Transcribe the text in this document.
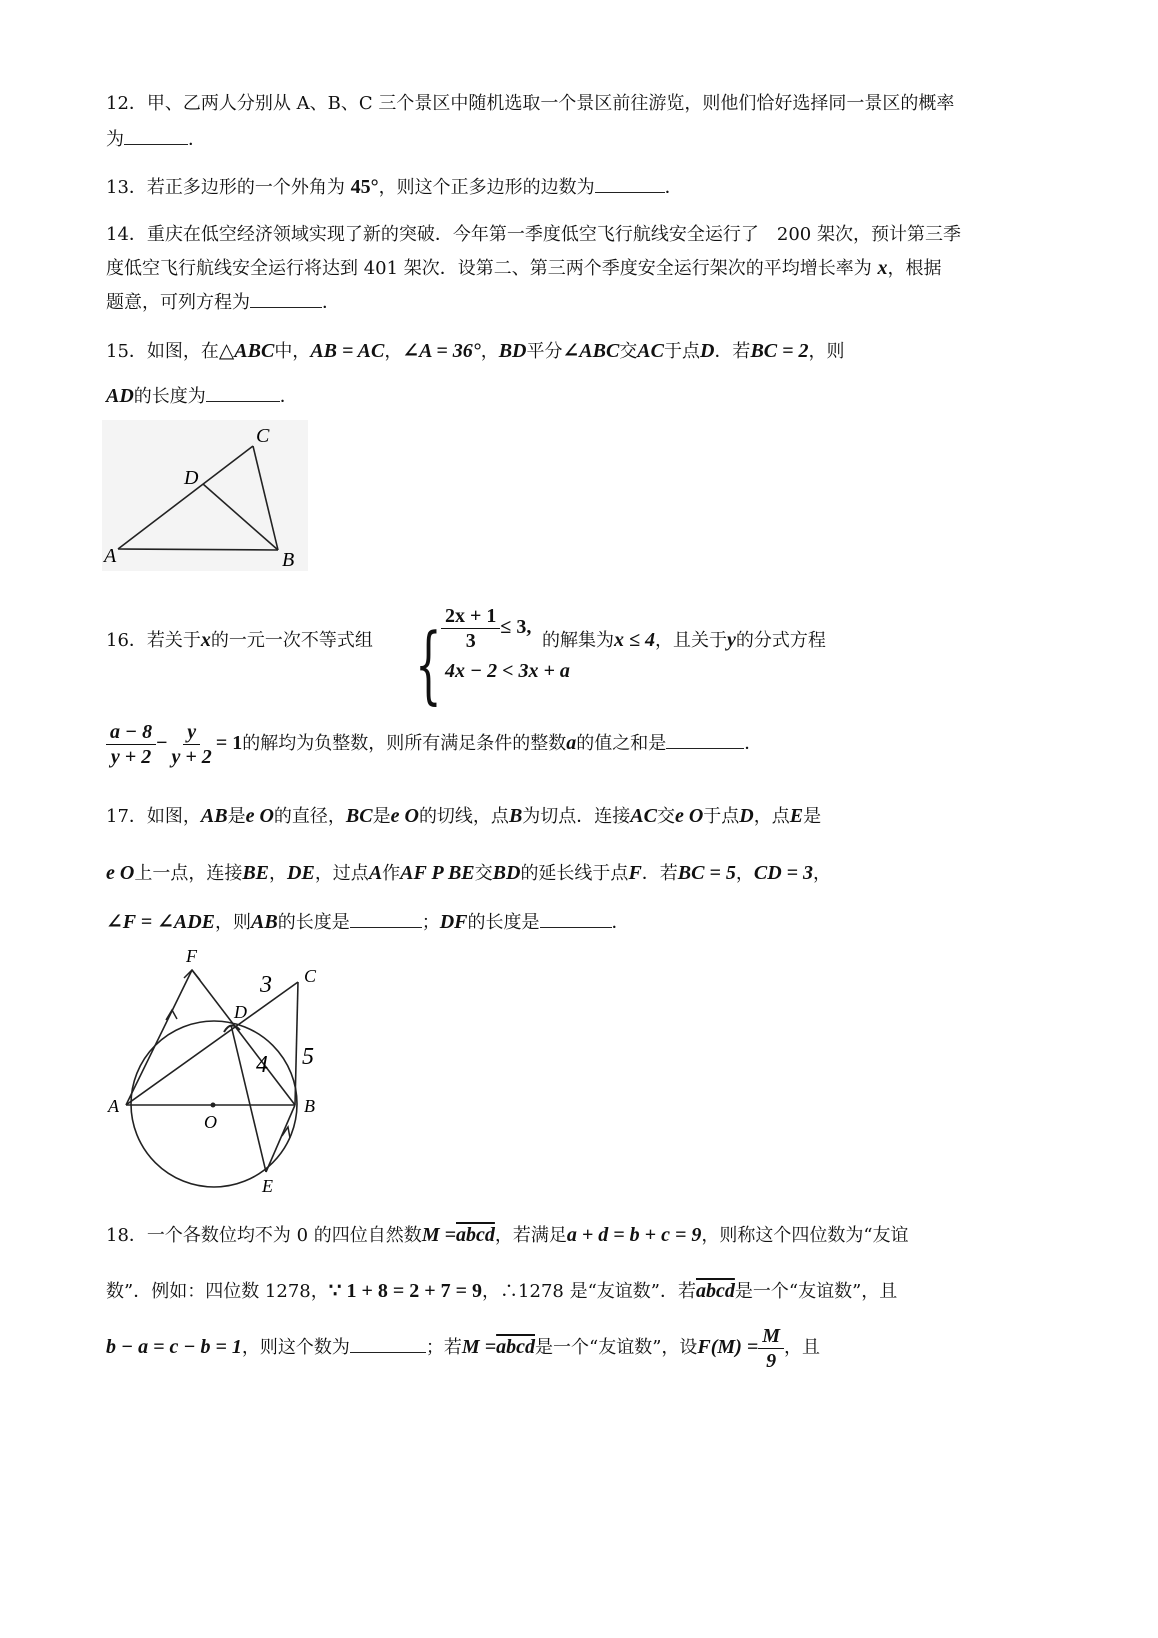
12．甲、乙两人分别从 A、B、C 三个景区中随机选取一个景区前往游览，则他们恰好选择同一景区的概率
为	．
13．若正多边形的一个外角为 45°，则这个正多边形的边数为	．
14．重庆在低空经济领域实现了新的突破．今年第一季度低空飞行航线安全运行了　200 架次，预计第三季
度低空飞行航线安全运行将达到 401 架次．设第二、第三两个季度安全运行架次的平均增长率为 x，根据
题意，可列方程为	．
15．如图，在△ABC中，AB = AC，∠A = 36°，BD平分∠ABC交AC于点D．若BC = 2，则
AD的长度为	．
C
D
A	B
16．若关于x的一元一次不等式组 { $\frac{2x + 1}{3} \le 3$,
4x − 2 < 3x + a
的解集为x ≤ 4，且关于y的分式方程
$\frac{a - 8}{y + 2} - \frac{y}{y + 2} = 1$的解均为负整数，则所有满足条件的整数a的值之和是	．
17．如图，AB是e O的直径，BC是e O的切线，点B为切点．连接AC交e O于点D，点E是
e O上一点，连接BE，DE，过点A作AF P BE交BD的延长线于点F．若BC = 5，CD = 3，
∠F = ∠ADE，则AB的长度是	；DF的长度是	．
F
D
C
A
O
B
E
3
5
4
18．一个各数位均不为 0 的四位自然数M =abcd，若满足a + d = b + c = 9，则称这个四位数为“友谊
数”．例如：四位数 1278，∵ 1 + 8 = 2 + 7 = 9，∴1278 是“友谊数”．若abcd是一个“友谊数”，且
b − a = c − b = 1，则这个数为	；若M =abcd是一个“友谊数”，设$F(M) = \frac{M}{9}$ ，且
